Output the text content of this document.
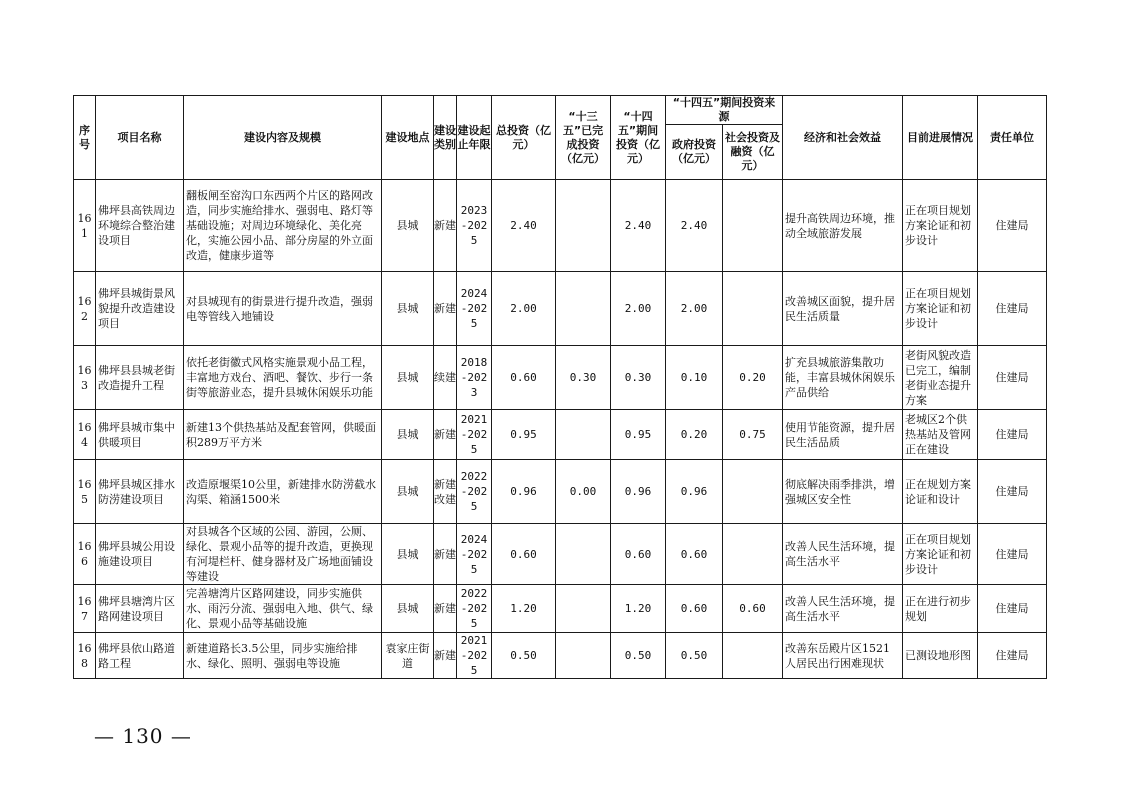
序号	项目名称	建设内容及规模	建设地点	建设类别	建设起止年限	总投资（亿元）	“十三五”已完成投资（亿元）	“十四五”期间投资（亿元）	“十四五”期间投资来源		经济和社会效益	目前进展情况	责任单位
									政府投资（亿元）	社会投资及融资（亿元）			
161	佛坪县高铁周边环境综合整治建设项目	翻板闸至窑沟口东西两个片区的路网改造，同步实施给排水、强弱电、路灯等基础设施；对周边环境绿化、美化亮化，实施公园小品、部分房屋的外立面改造，健康步道等	县城	新建	2023-2025	2.40		2.40	2.40		提升高铁周边环境，推动全域旅游发展	正在项目规划方案论证和初步设计	住建局
162	佛坪县城街景风貌提升改造建设项目	对县城现有的街景进行提升改造，强弱电等管线入地铺设	县城	新建	2024-2025	2.00		2.00	2.00		改善城区面貌，提升居民生活质量	正在项目规划方案论证和初步设计	住建局
163	佛坪县县城老街改造提升工程	依托老街徽式风格实施景观小品工程，丰富地方戏台、酒吧、餐饮、步行一条街等旅游业态，提升县城休闲娱乐功能	县城	续建	2018-2023	0.60	0.30	0.30	0.10	0.20	扩充县城旅游集散功能，丰富县城休闲娱乐产品供给	老街风貌改造已完工，编制老街业态提升方案	住建局
164	佛坪县城市集中供暖项目	新建13个供热基站及配套管网，供暖面积289万平方米	县城	新建	2021-2025	0.95		0.95	0.20	0.75	使用节能资源，提升居民生活品质	老城区2个供热基站及管网正在建设	住建局
165	佛坪县城区排水防涝建设项目	改造原堰渠10公里，新建排水防涝截水沟渠、箱涵1500米	县城	新建改建	2022-2025	0.96	0.00	0.96	0.96		彻底解决雨季排洪，增强城区安全性	正在规划方案论证和设计	住建局
166	佛坪县城公用设施建设项目	对县城各个区域的公园、游园，公厕、绿化、景观小品等的提升改造，更换现有河堤栏杆、健身器材及广场地面铺设等建设	县城	新建	2024-2025	0.60		0.60	0.60		改善人民生活环境，提高生活水平	正在项目规划方案论证和初步设计	住建局
167	佛坪县塘湾片区路网建设项目	完善塘湾片区路网建设，同步实施供水、雨污分流、强弱电入地、供气、绿化、景观小品等基础设施	县城	新建	2022-2025	1.20		1.20	0.60	0.60	改善人民生活环境，提高生活水平	正在进行初步规划	住建局
168	佛坪县依山路道路工程	新建道路长3.5公里，同步实施给排水、绿化、照明、强弱电等设施	袁家庄街道	新建	2021-2025	0.50		0.50	0.50		改善东岳殿片区1521人居民出行困难现状	已测设地形图	住建局
— 130 —
